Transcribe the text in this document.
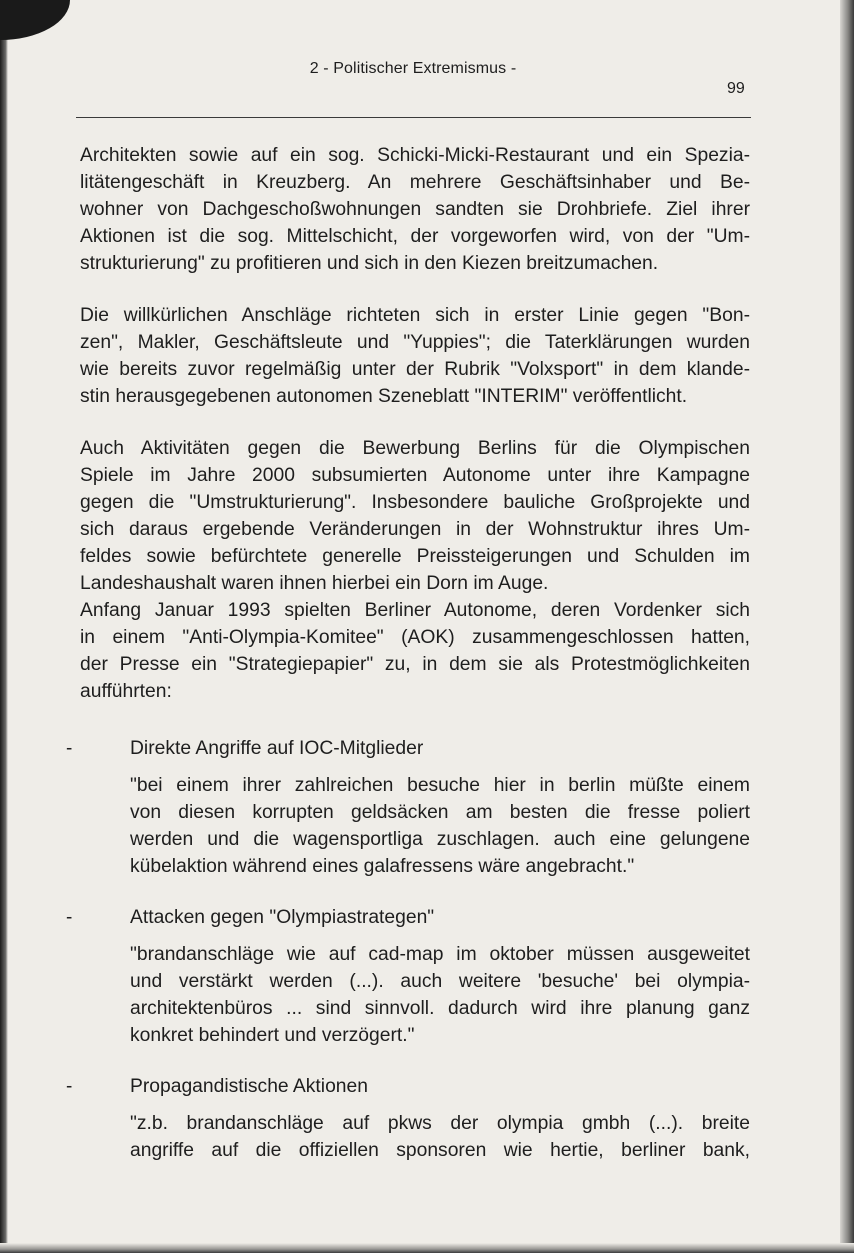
2 - Politischer Extremismus -
99
Architekten sowie auf ein sog. Schicki-Micki-Restaurant und ein Spezia-
litätengeschäft in Kreuzberg. An mehrere Geschäftsinhaber und Be-
wohner von Dachgeschoßwohnungen sandten sie Drohbriefe. Ziel ihrer
Aktionen ist die sog. Mittelschicht, der vorgeworfen wird, von der "Um-
strukturierung" zu profitieren und sich in den Kiezen breitzumachen.
Die willkürlichen Anschläge richteten sich in erster Linie gegen "Bon-
zen", Makler, Geschäftsleute und "Yuppies"; die Taterklärungen wurden
wie bereits zuvor regelmäßig unter der Rubrik "Volxsport" in dem klande-
stin herausgegebenen autonomen Szeneblatt "INTERIM" veröffentlicht.
Auch Aktivitäten gegen die Bewerbung Berlins für die Olympischen
Spiele im Jahre 2000 subsumierten Autonome unter ihre Kampagne
gegen die "Umstrukturierung". Insbesondere bauliche Großprojekte und
sich daraus ergebende Veränderungen in der Wohnstruktur ihres Um-
feldes sowie befürchtete generelle Preissteigerungen und Schulden im
Landeshaushalt waren ihnen hierbei ein Dorn im Auge.
Anfang Januar 1993 spielten Berliner Autonome, deren Vordenker sich
in einem "Anti-Olympia-Komitee" (AOK) zusammengeschlossen hatten,
der Presse ein "Strategiepapier" zu, in dem sie als Protestmöglichkeiten
aufführten:
-	Direkte Angriffe auf IOC-Mitglieder
"bei einem ihrer zahlreichen besuche hier in berlin müßte einem
von diesen korrupten geldsäcken am besten die fresse poliert
werden und die wagensportliga zuschlagen. auch eine gelungene
kübelaktion während eines galafressens wäre angebracht."
-	Attacken gegen "Olympiastrategen"
"brandanschläge wie auf cad-map im oktober müssen ausgeweitet
und verstärkt werden (...). auch weitere 'besuche' bei olympia-
architektenbüros ... sind sinnvoll. dadurch wird ihre planung ganz
konkret behindert und verzögert."
-	Propagandistische Aktionen
"z.b. brandanschläge auf pkws der olympia gmbh (...). breite
angriffe auf die offiziellen sponsoren wie hertie, berliner bank,
